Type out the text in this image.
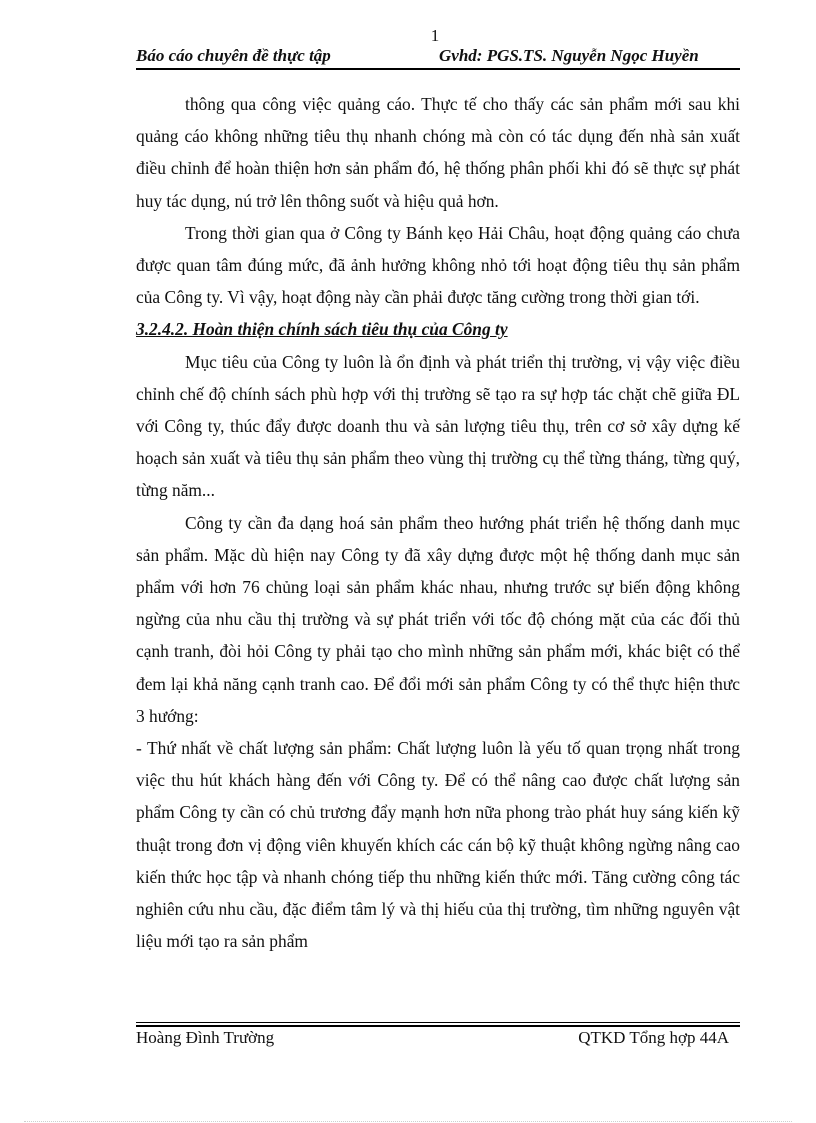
1
Báo cáo chuyên đề thực tập	Gvhd: PGS.TS. Nguyễn Ngọc Huyền

thông qua công việc quảng cáo. Thực tế cho thấy các sản phẩm mới sau khi quảng cáo không những tiêu thụ nhanh chóng mà còn có tác dụng đến nhà sản xuất điều chỉnh để hoàn thiện hơn sản phẩm đó, hệ thống phân phối khi đó sẽ thực sự phát huy tác dụng, nú trở lên thông suốt và hiệu quả hơn.

Trong thời gian qua ở Công ty Bánh kẹo Hải Châu, hoạt động quảng cáo chưa được quan tâm đúng mức, đã ảnh hưởng không nhỏ tới hoạt động tiêu thụ sản phẩm của Công ty. Vì vậy, hoạt động này cần phải được tăng cường trong thời gian tới.

3.2.4.2. Hoàn thiện chính sách tiêu thụ của Công ty

Mục tiêu của Công ty luôn là ổn định và phát triển thị trường, vị vậy việc điều chỉnh chế độ chính sách phù hợp với thị trường sẽ tạo ra sự hợp tác chặt chẽ giữa ĐL với Công ty, thúc đẩy được doanh thu và sản lượng tiêu thụ, trên cơ sở xây dựng kế hoạch sản xuất và tiêu thụ sản phẩm theo vùng thị trường cụ thể từng tháng, từng quý, từng năm...

Công ty cần đa dạng hoá sản phẩm theo hướng phát triển hệ thống danh mục sản phẩm. Mặc dù hiện nay Công ty đã xây dựng được một hệ thống danh mục sản phẩm với hơn 76 chủng loại sản phẩm khác nhau, nhưng trước sự biến động không ngừng của nhu cầu thị trường và sự phát triển với tốc độ chóng mặt của các đối thủ cạnh tranh, đòi hỏi Công ty phải tạo cho mình những sản phẩm mới, khác biệt có thể đem lại khả năng cạnh tranh cao. Để đổi mới sản phẩm Công ty có thể thực hiện thưc 3 hướng:

- Thứ nhất về chất lượng sản phẩm: Chất lượng luôn là yếu tố quan trọng nhất trong việc thu hút khách hàng đến với Công ty. Để có thể nâng cao được chất lượng sản phẩm Công ty cần có chủ trương đẩy mạnh hơn nữa phong trào phát huy sáng kiến kỹ thuật trong đơn vị động viên khuyến khích các cán bộ kỹ thuật không ngừng nâng cao kiến thức học tập và nhanh chóng tiếp thu những kiến thức mới. Tăng cường công tác nghiên cứu nhu cầu, đặc điểm tâm lý và thị hiếu của thị trường, tìm những nguyên vật liệu mới tạo ra sản phẩm

Hoàng Đình Trường	QTKD Tổng hợp 44A
